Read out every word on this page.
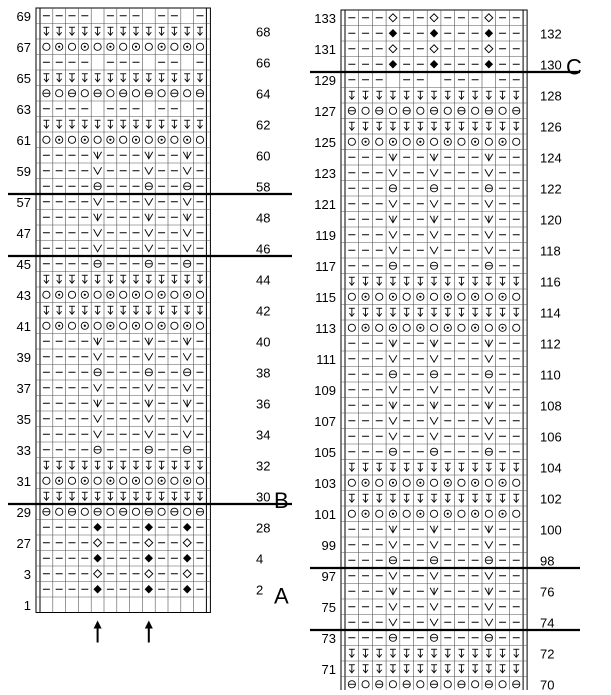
69
68
67
66
65
64
63
62
61
60
59
58
57
48
47
46
45
44
43
42
41
40
39
38
37
36
35
34
33
32
31
30
29
28
27
4
3
2
1
133
132
131
130
129
128
127
126
125
124
123
122
121
120
119
118
117
116
115
114
113
112
111
110
109
108
107
106
105
104
103
102
101
100
99
98
97
76
75
74
73
72
71
70
B
A
C
